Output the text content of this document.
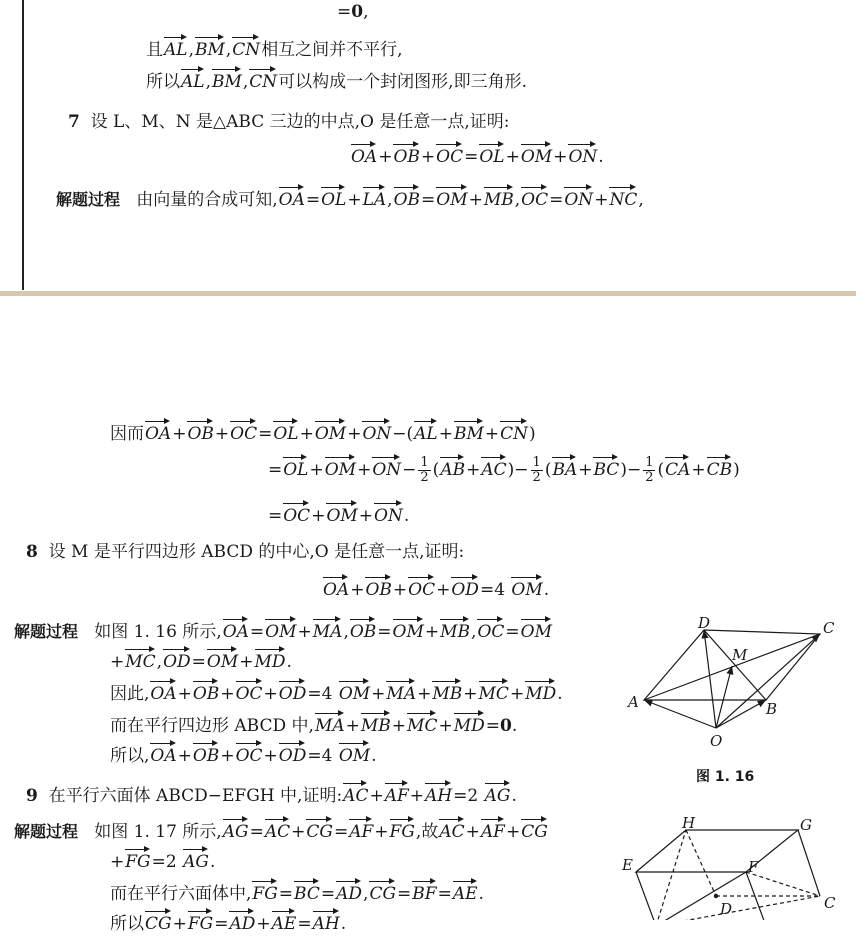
=0,
且AL,BM,CN相互之间并不平行,
所以AL,BM,CN可以构成一个封闭图形,即三角形.
7 设 L、M、N 是△ABC 三边的中点,O 是任意一点,证明:
OA+OB+OC=OL+OM+ON.
解题过程 由向量的合成可知,OA=OL+LA,OB=OM+MB,OC=ON+NC,
因而OA+OB+OC=OL+OM+ON−(AL+BM+CN)
$=OL+OM+ON- \frac{1}{2} (AB+AC)- \frac{1}{2} (BA+BC)- \frac{1}{2} (CA+CB)$
=OC+OM+ON.
8 设 M 是平行四边形 ABCD 的中心,O 是任意一点,证明:
OA+OB+OC+OD=4 OM.
解题过程 如图 1. 16 所示,OA=OM+MA,OB=OM+MB,OC=OM
+MC,OD=OM+MD.
因此,OA+OB+OC+OD=4 OM+MA+MB+MC+MD.
而在平行四边形 ABCD 中,MA+MB+MC+MD=0.
所以,OA+OB+OC+OD=4 OM.
9 在平行六面体 ABCD−EFGH 中,证明:AC+AF+AH=2 AG.
解题过程 如图 1. 17 所示,AG=AC+CG=AF+FG,故AC+AF+CG
+FG=2 AG.
而在平行六面体中,FG=BC=AD,CG=BF=AE.
所以CG+FG=AD+AE=AH.
D	C
M
A	B
O
图 1. 16
H	G
E	F
D	C
